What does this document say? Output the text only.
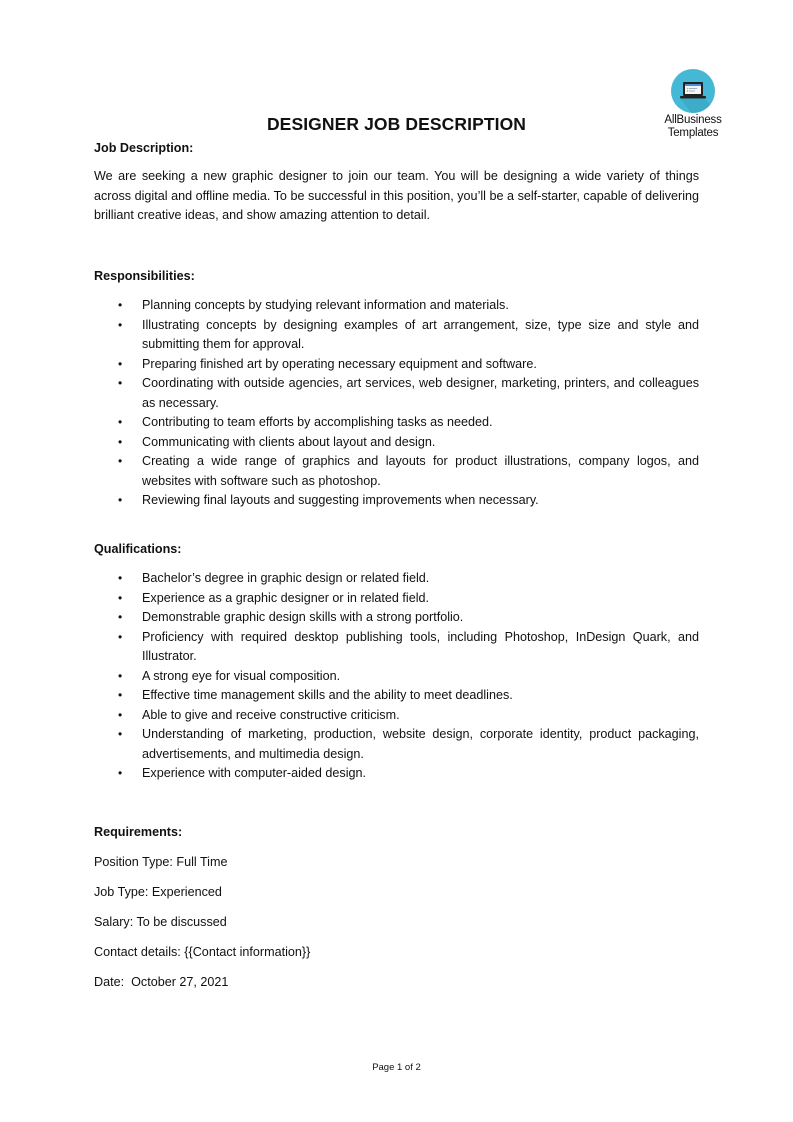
AllBusiness
Templates
DESIGNER JOB DESCRIPTION
Job Description:
We are seeking a new graphic designer to join our team. You will be designing a wide variety of things across digital and offline media. To be successful in this position, you’ll be a self-starter, capable of delivering brilliant creative ideas, and show amazing attention to detail.
Responsibilities:
• Planning concepts by studying relevant information and materials.
• Illustrating concepts by designing examples of art arrangement, size, type size and style and submitting them for approval.
• Preparing finished art by operating necessary equipment and software.
• Coordinating with outside agencies, art services, web designer, marketing, printers, and colleagues as necessary.
• Contributing to team efforts by accomplishing tasks as needed.
• Communicating with clients about layout and design.
• Creating a wide range of graphics and layouts for product illustrations, company logos, and websites with software such as photoshop.
• Reviewing final layouts and suggesting improvements when necessary.
Qualifications:
• Bachelor’s degree in graphic design or related field.
• Experience as a graphic designer or in related field.
• Demonstrable graphic design skills with a strong portfolio.
• Proficiency with required desktop publishing tools, including Photoshop, InDesign Quark, and Illustrator.
• A strong eye for visual composition.
• Effective time management skills and the ability to meet deadlines.
• Able to give and receive constructive criticism.
• Understanding of marketing, production, website design, corporate identity, product packaging, advertisements, and multimedia design.
• Experience with computer-aided design.
Requirements:
Position Type: Full Time
Job Type: Experienced
Salary: To be discussed
Contact details: {{Contact information}}
Date:  October 27, 2021
Page 1 of 2
